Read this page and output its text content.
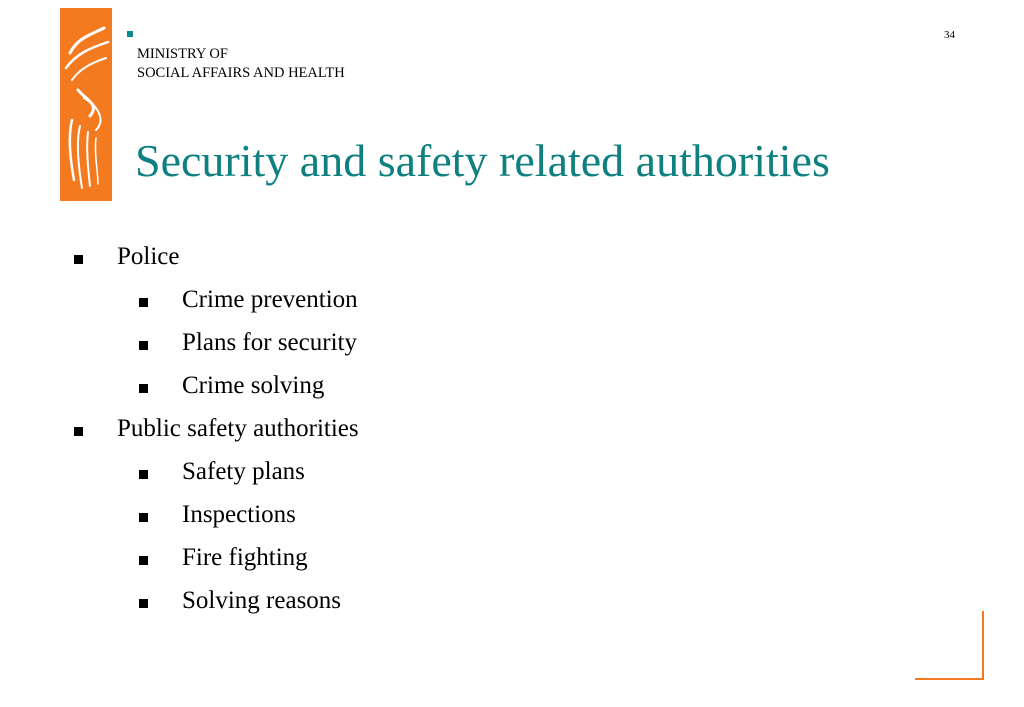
MINISTRY OF
SOCIAL AFFAIRS AND HEALTH
34
Security and safety related authorities
Police
Crime prevention
Plans for security
Crime solving
Public safety authorities
Safety plans
Inspections
Fire fighting
Solving reasons
